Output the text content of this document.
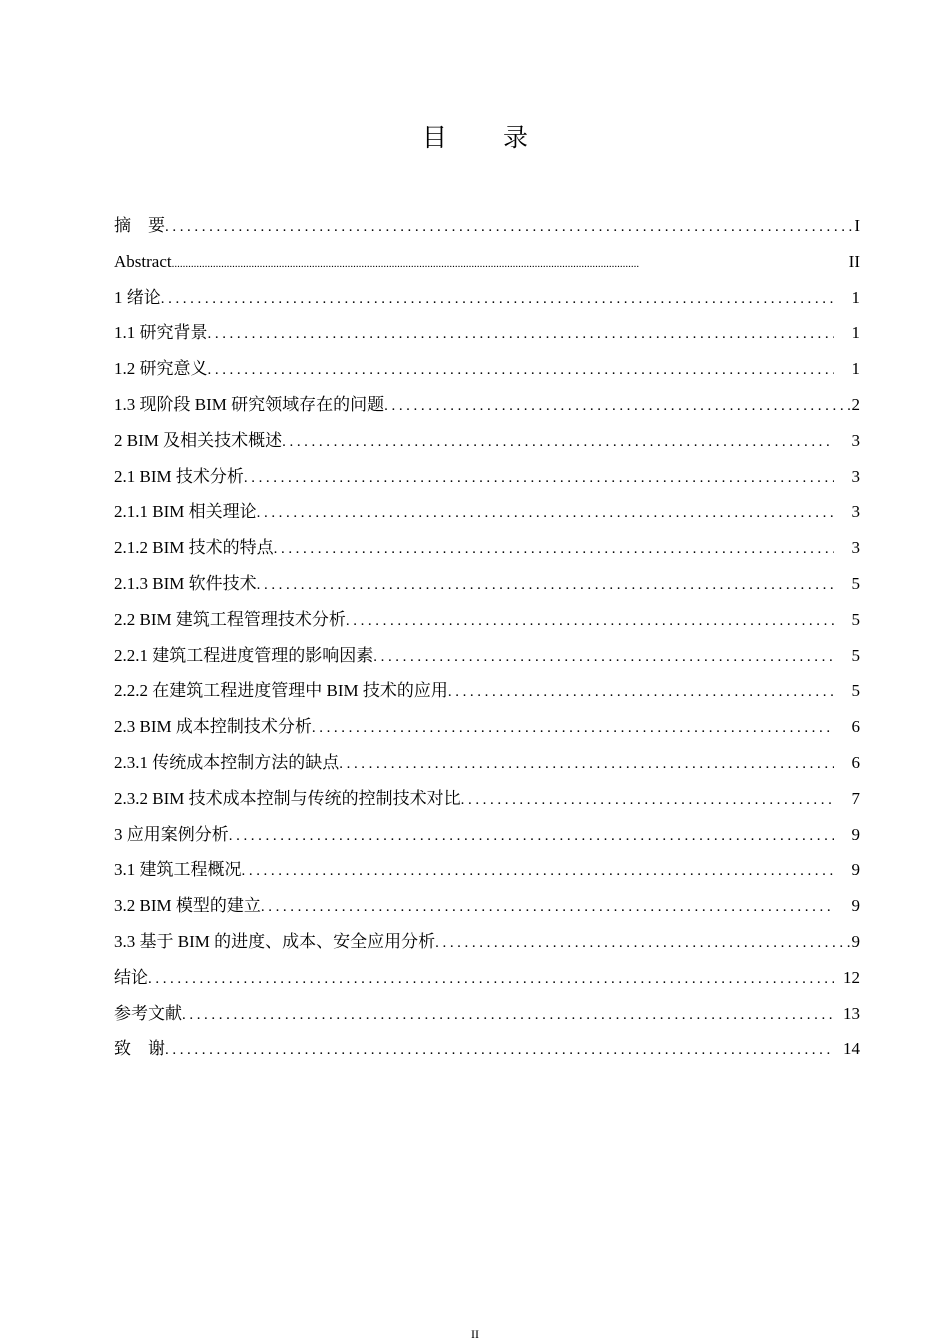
目 录
摘　要 .....	I
Abstract .....	II
1 绪论 .....	1
1.1 研究背景 .....	1
1.2 研究意义 .....	1
1.3 现阶段 BIM 研究领域存在的问题 .....	2
2 BIM 及相关技术概述 .....	3
2.1 BIM 技术分析 .....	3
2.1.1 BIM 相关理论 .....	3
2.1.2 BIM 技术的特点 .....	3
2.1.3 BIM 软件技术 .....	5
2.2 BIM 建筑工程管理技术分析 .....	5
2.2.1 建筑工程进度管理的影响因素 .....	5
2.2.2 在建筑工程进度管理中 BIM 技术的应用 .....	5
2.3 BIM 成本控制技术分析 .....	6
2.3.1 传统成本控制方法的缺点 .....	6
2.3.2 BIM 技术成本控制与传统的控制技术对比 .....	7
3 应用案例分析 .....	9
3.1 建筑工程概况 .....	9
3.2 BIM 模型的建立 .....	9
3.3 基于 BIM 的进度、成本、安全应用分析 .....	9
结论 .....	12
参考文献 .....	13
致　谢 .....	14
II
